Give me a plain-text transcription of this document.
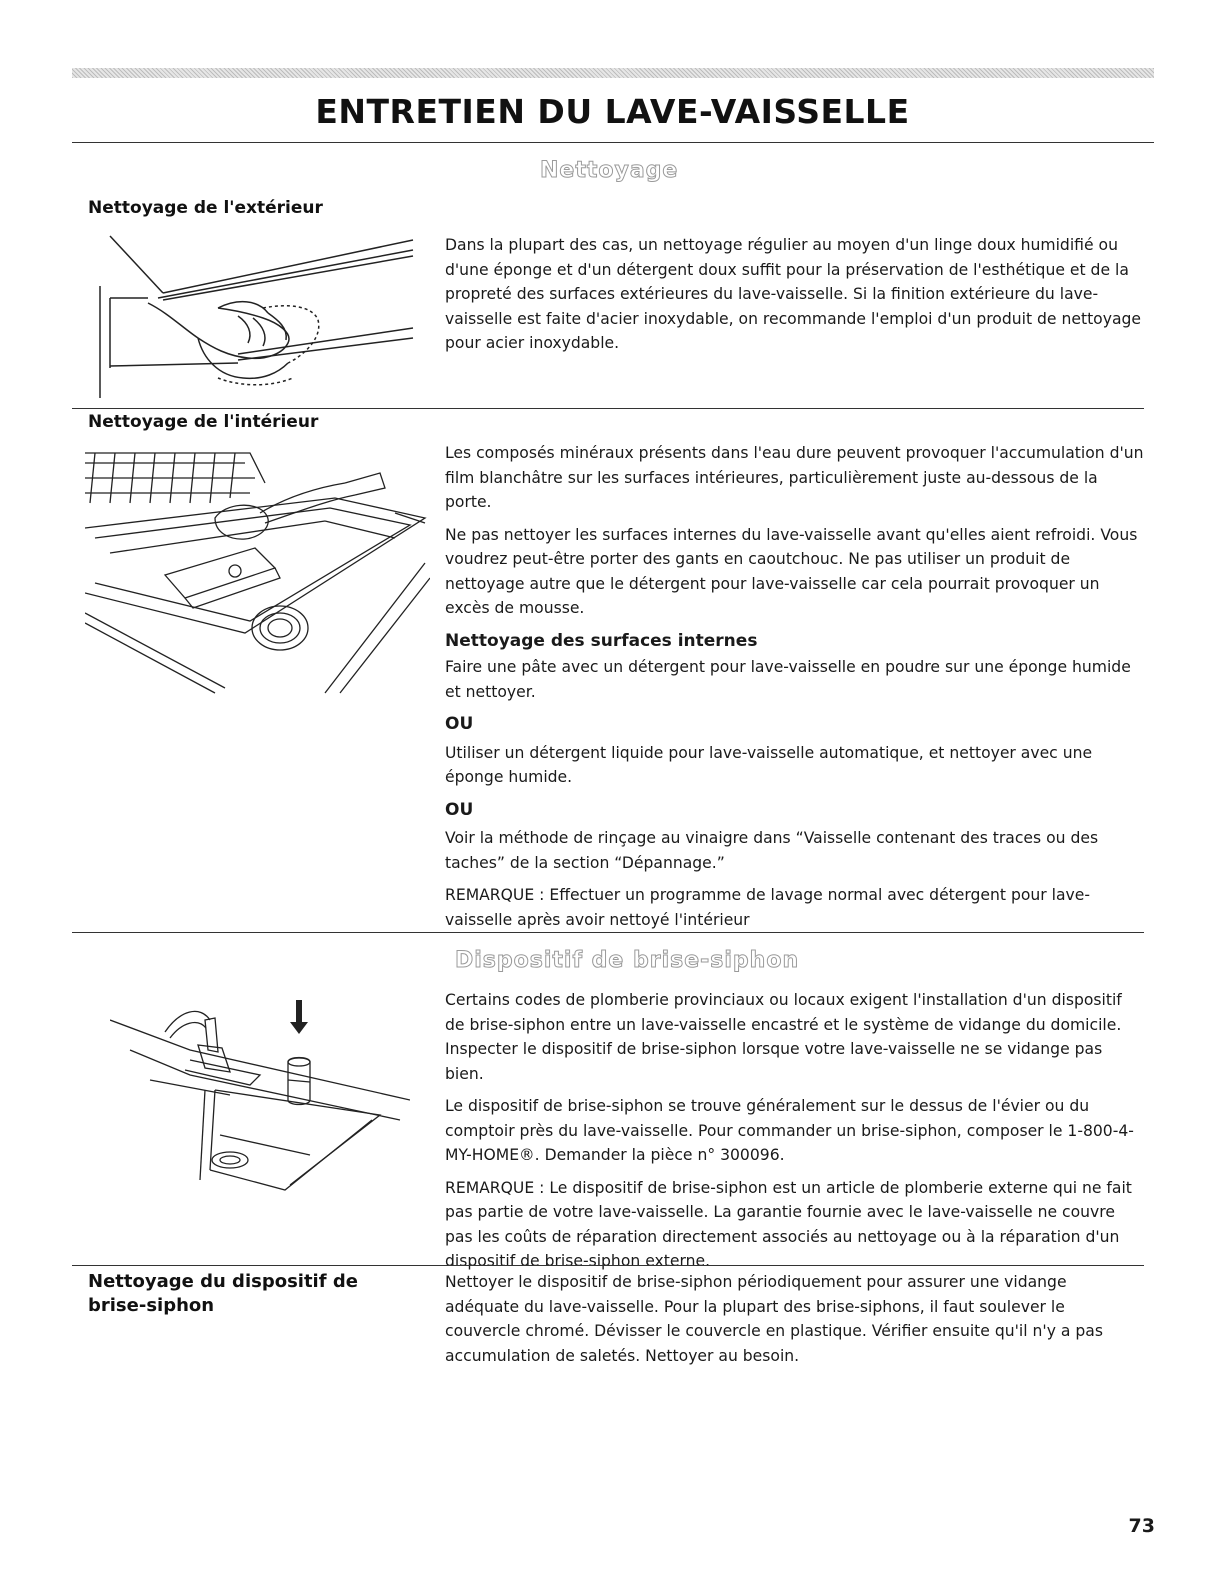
ENTRETIEN DU LAVE-VAISSELLE
Nettoyage
Nettoyage de l'extérieur

Dans la plupart des cas, un nettoyage régulier au moyen d'un linge doux humidifié ou d'une éponge et d'un détergent doux suffit pour la préservation de l'esthétique et de la propreté des surfaces extérieures du lave-vaisselle. Si la finition extérieure du lave-vaisselle est faite d'acier inoxydable, on recommande l'emploi d'un produit de nettoyage pour acier inoxydable.

Nettoyage de l'intérieur

Les composés minéraux présents dans l'eau dure peuvent provoquer l'accumulation d'un film blanchâtre sur les surfaces intérieures, particulièrement juste au-dessous de la porte.

Ne pas nettoyer les surfaces internes du lave-vaisselle avant qu'elles aient refroidi. Vous voudrez peut-être porter des gants en caoutchouc. Ne pas utiliser un produit de nettoyage autre que le détergent pour lave-vaisselle car cela pourrait provoquer un excès de mousse.

Nettoyage des surfaces internes

Faire une pâte avec un détergent pour lave-vaisselle en poudre sur une éponge humide et nettoyer.

OU

Utiliser un détergent liquide pour lave-vaisselle automatique, et nettoyer avec une éponge humide.

OU

Voir la méthode de rinçage au vinaigre dans “Vaisselle contenant des traces ou des taches” de la section “Dépannage.”

REMARQUE : Effectuer un programme de lavage normal avec détergent pour lave-vaisselle après avoir nettoyé l'intérieur

Dispositif de brise-siphon

Certains codes de plomberie provinciaux ou locaux exigent l'installation d'un dispositif de brise-siphon entre un lave-vaisselle encastré et le système de vidange du domicile. Inspecter le dispositif de brise-siphon lorsque votre lave-vaisselle ne se vidange pas bien.

Le dispositif de brise-siphon se trouve généralement sur le dessus de l'évier ou du comptoir près du lave-vaisselle. Pour commander un brise-siphon, composer le 1-800-4-MY-HOME®. Demander la pièce n° 300096.

REMARQUE : Le dispositif de brise-siphon est un article de plomberie externe qui ne fait pas partie de votre lave-vaisselle. La garantie fournie avec le lave-vaisselle ne couvre pas les coûts de réparation directement associés au nettoyage ou à la réparation d'un dispositif de brise-siphon externe.

Nettoyage du dispositif de brise-siphon

Nettoyer le dispositif de brise-siphon périodiquement pour assurer une vidange adéquate du lave-vaisselle. Pour la plupart des brise-siphons, il faut soulever le couvercle chromé. Dévisser le couvercle en plastique. Vérifier ensuite qu'il n'y a pas accumulation de saletés. Nettoyer au besoin.

73
